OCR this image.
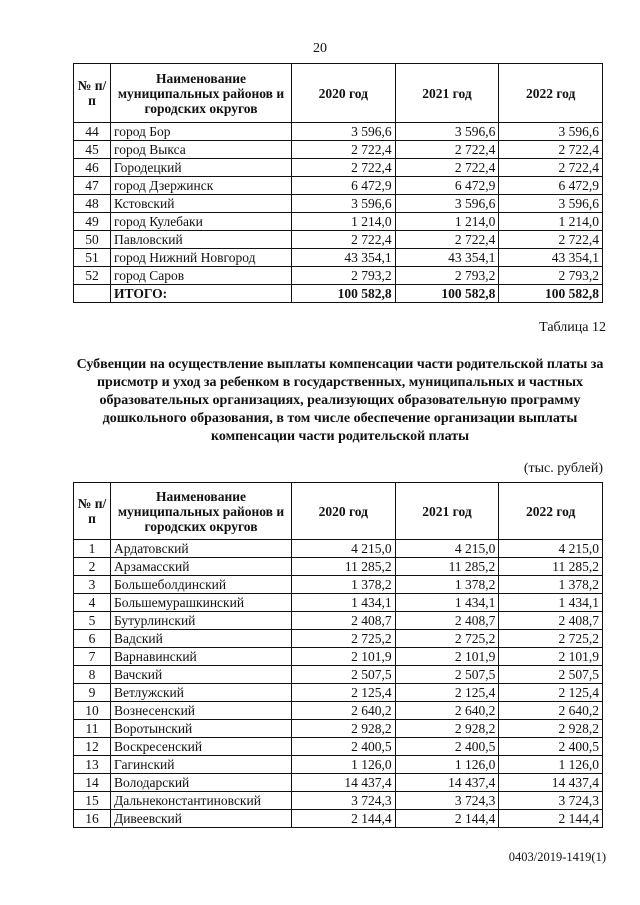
20
№ п/п	Наименование муниципальных районов и городских округов	2020 год	2021 год	2022 год
44	город Бор	3 596,6	3 596,6	3 596,6
45	город Выкса	2 722,4	2 722,4	2 722,4
46	Городецкий	2 722,4	2 722,4	2 722,4
47	город Дзержинск	6 472,9	6 472,9	6 472,9
48	Кстовский	3 596,6	3 596,6	3 596,6
49	город Кулебаки	1 214,0	1 214,0	1 214,0
50	Павловский	2 722,4	2 722,4	2 722,4
51	город Нижний Новгород	43 354,1	43 354,1	43 354,1
52	город Саров	2 793,2	2 793,2	2 793,2
	ИТОГО:	100 582,8	100 582,8	100 582,8
Таблица 12
Субвенции на осуществление выплаты компенсации части родительской платы за присмотр и уход за ребенком в государственных, муниципальных и частных образовательных организациях, реализующих образовательную программу дошкольного образования, в том числе обеспечение организации выплаты компенсации части родительской платы
(тыс. рублей)
№ п/п	Наименование муниципальных районов и городских округов	2020 год	2021 год	2022 год
1	Ардатовский	4 215,0	4 215,0	4 215,0
2	Арзамасский	11 285,2	11 285,2	11 285,2
3	Большеболдинский	1 378,2	1 378,2	1 378,2
4	Большемурашкинский	1 434,1	1 434,1	1 434,1
5	Бутурлинский	2 408,7	2 408,7	2 408,7
6	Вадский	2 725,2	2 725,2	2 725,2
7	Варнавинский	2 101,9	2 101,9	2 101,9
8	Вачский	2 507,5	2 507,5	2 507,5
9	Ветлужский	2 125,4	2 125,4	2 125,4
10	Вознесенский	2 640,2	2 640,2	2 640,2
11	Воротынский	2 928,2	2 928,2	2 928,2
12	Воскресенский	2 400,5	2 400,5	2 400,5
13	Гагинский	1 126,0	1 126,0	1 126,0
14	Володарский	14 437,4	14 437,4	14 437,4
15	Дальнеконстантиновский	3 724,3	3 724,3	3 724,3
16	Дивеевский	2 144,4	2 144,4	2 144,4
0403/2019-1419(1)
